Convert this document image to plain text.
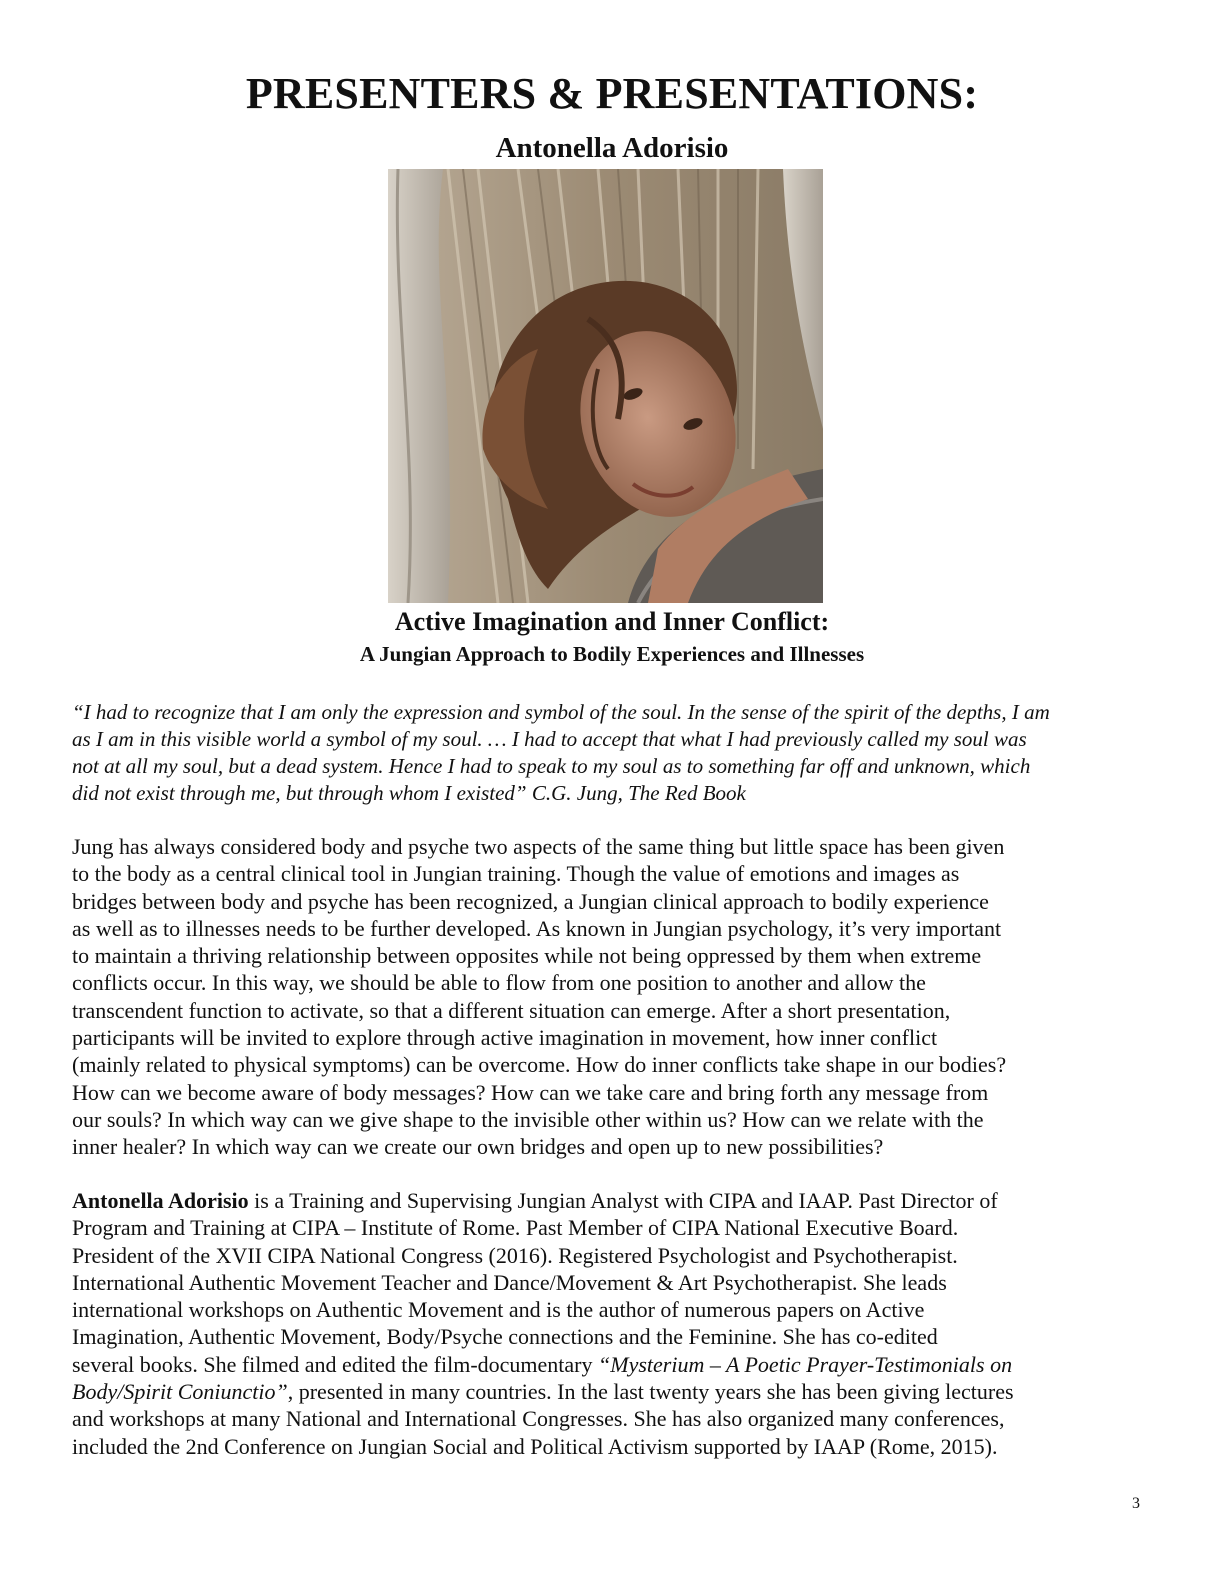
PRESENTERS & PRESENTATIONS:
Antonella Adorisio
Active Imagination and Inner Conflict:
A Jungian Approach to Bodily Experiences and Illnesses
“I had to recognize that I am only the expression and symbol of the soul. In the sense of the spirit of the depths, I am
as I am in this visible world a symbol of my soul. … I had to accept that what I had previously called my soul was
not at all my soul, but a dead system. Hence I had to speak to my soul as to something far off and unknown, which
did not exist through me, but through whom I existed” C.G. Jung, The Red Book
Jung has always considered body and psyche two aspects of the same thing but little space has been given
to the body as a central clinical tool in Jungian training. Though the value of emotions and images as
bridges between body and psyche has been recognized, a Jungian clinical approach to bodily experience
as well as to illnesses needs to be further developed. As known in Jungian psychology, it’s very important
to maintain a thriving relationship between opposites while not being oppressed by them when extreme
conflicts occur. In this way, we should be able to flow from one position to another and allow the
transcendent function to activate, so that a different situation can emerge. After a short presentation,
participants will be invited to explore through active imagination in movement, how inner conflict
(mainly related to physical symptoms) can be overcome. How do inner conflicts take shape in our bodies?
How can we become aware of body messages? How can we take care and bring forth any message from
our souls? In which way can we give shape to the invisible other within us? How can we relate with the
inner healer? In which way can we create our own bridges and open up to new possibilities?
Antonella Adorisio is a Training and Supervising Jungian Analyst with CIPA and IAAP. Past Director of
Program and Training at CIPA – Institute of Rome. Past Member of CIPA National Executive Board.
President of the XVII CIPA National Congress (2016). Registered Psychologist and Psychotherapist.
International Authentic Movement Teacher and Dance/Movement & Art Psychotherapist. She leads
international workshops on Authentic Movement and is the author of numerous papers on Active
Imagination, Authentic Movement, Body/Psyche connections and the Feminine. She has co-edited
several books. She filmed and edited the film-documentary “Mysterium – A Poetic Prayer-Testimonials on
Body/Spirit Coniunctio”, presented in many countries. In the last twenty years she has been giving lectures
and workshops at many National and International Congresses. She has also organized many conferences,
included the 2nd Conference on Jungian Social and Political Activism supported by IAAP (Rome, 2015).
3
